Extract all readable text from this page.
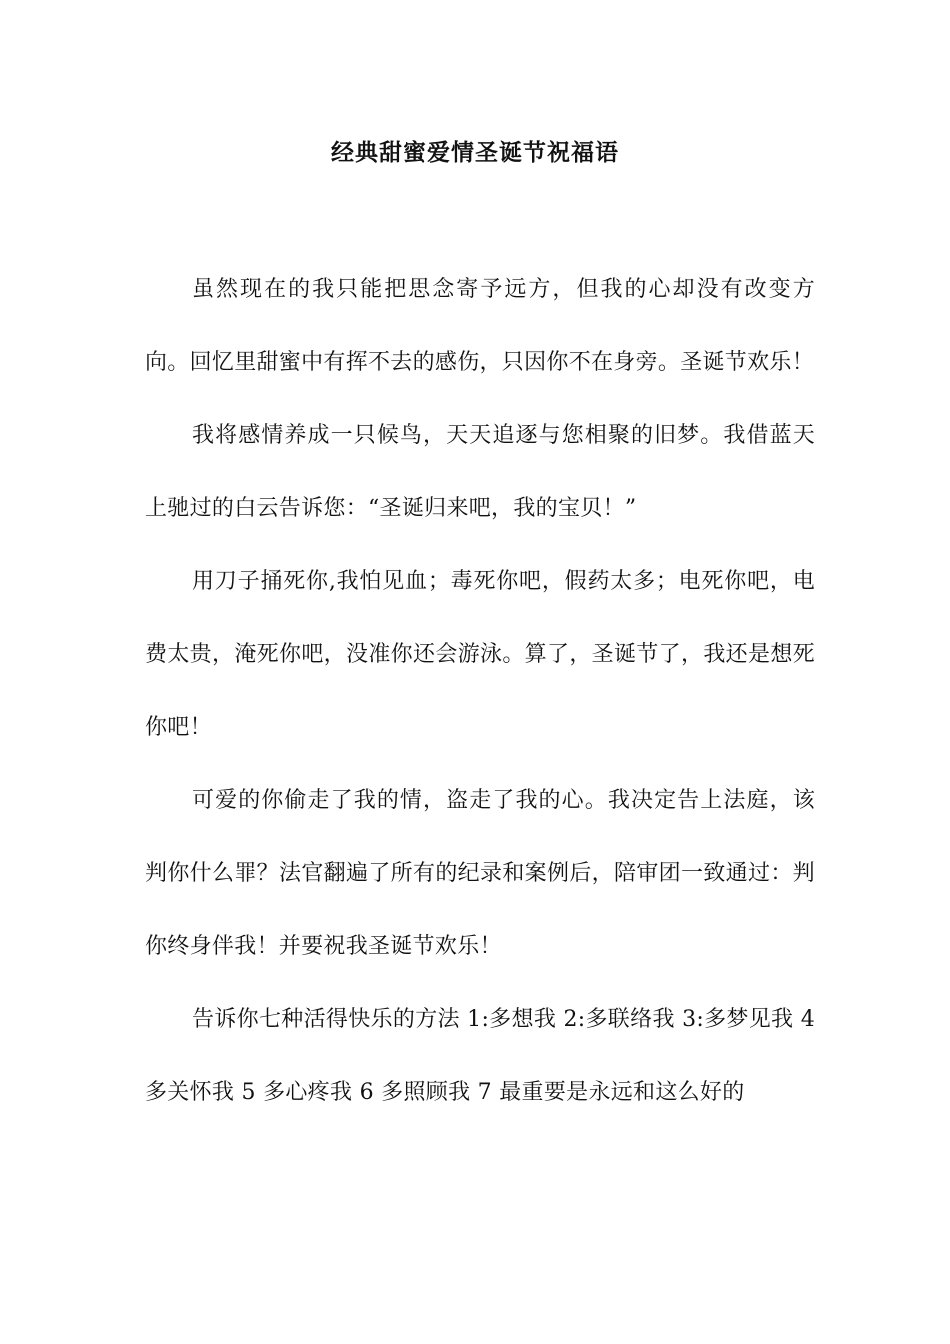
经典甜蜜爱情圣诞节祝福语

虽然现在的我只能把思念寄予远方，但我的心却没有改变方向。回忆里甜蜜中有挥不去的感伤，只因你不在身旁。圣诞节欢乐！

我将感情养成一只候鸟，天天追逐与您相聚的旧梦。我借蓝天上驰过的白云告诉您：“圣诞归来吧，我的宝贝！”

用刀子捅死你,我怕见血；毒死你吧，假药太多；电死你吧，电费太贵，淹死你吧，没准你还会游泳。算了，圣诞节了，我还是想死你吧！

可爱的你偷走了我的情，盗走了我的心。我决定告上法庭，该判你什么罪？法官翻遍了所有的纪录和案例后，陪审团一致通过：判你终身伴我！并要祝我圣诞节欢乐！

告诉你七种活得快乐的方法 1:多想我 2:多联络我 3:多梦见我 4 多关怀我 5 多心疼我 6 多照顾我 7 最重要是永远和这么好的
